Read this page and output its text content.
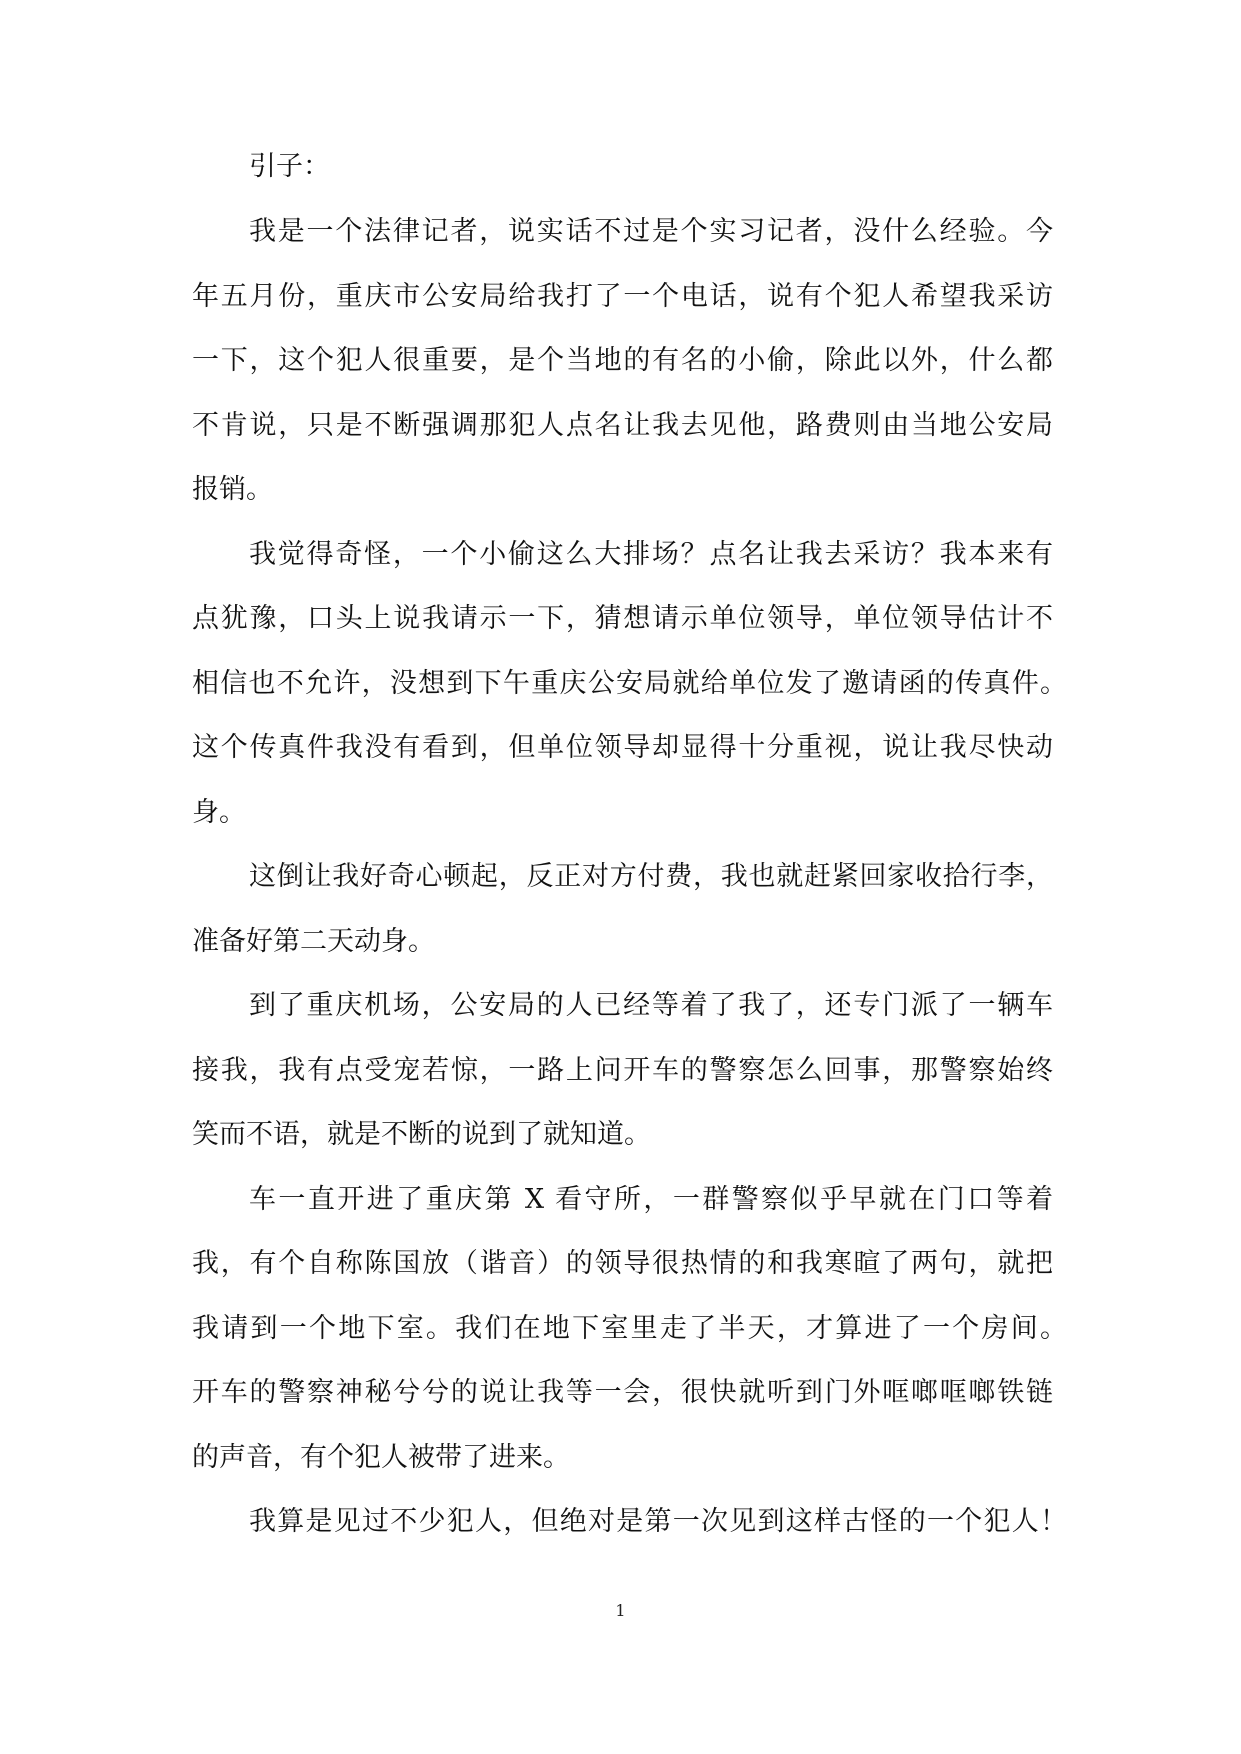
引子：
我是一个法律记者，说实话不过是个实习记者，没什么经验。今
年五月份，重庆市公安局给我打了一个电话，说有个犯人希望我采访
一下，这个犯人很重要，是个当地的有名的小偷，除此以外，什么都
不肯说，只是不断强调那犯人点名让我去见他，路费则由当地公安局
报销。
我觉得奇怪，一个小偷这么大排场？点名让我去采访？我本来有
点犹豫，口头上说我请示一下，猜想请示单位领导，单位领导估计不
相信也不允许，没想到下午重庆公安局就给单位发了邀请函的传真件。
这个传真件我没有看到，但单位领导却显得十分重视，说让我尽快动
身。
这倒让我好奇心顿起，反正对方付费，我也就赶紧回家收拾行李，
准备好第二天动身。
到了重庆机场，公安局的人已经等着了我了，还专门派了一辆车
接我，我有点受宠若惊，一路上问开车的警察怎么回事，那警察始终
笑而不语，就是不断的说到了就知道。
车一直开进了重庆第 X 看守所，一群警察似乎早就在门口等着
我，有个自称陈国放（谐音）的领导很热情的和我寒暄了两句，就把
我请到一个地下室。我们在地下室里走了半天，才算进了一个房间。
开车的警察神秘兮兮的说让我等一会，很快就听到门外哐啷哐啷铁链
的声音，有个犯人被带了进来。
我算是见过不少犯人，但绝对是第一次见到这样古怪的一个犯人！
1
